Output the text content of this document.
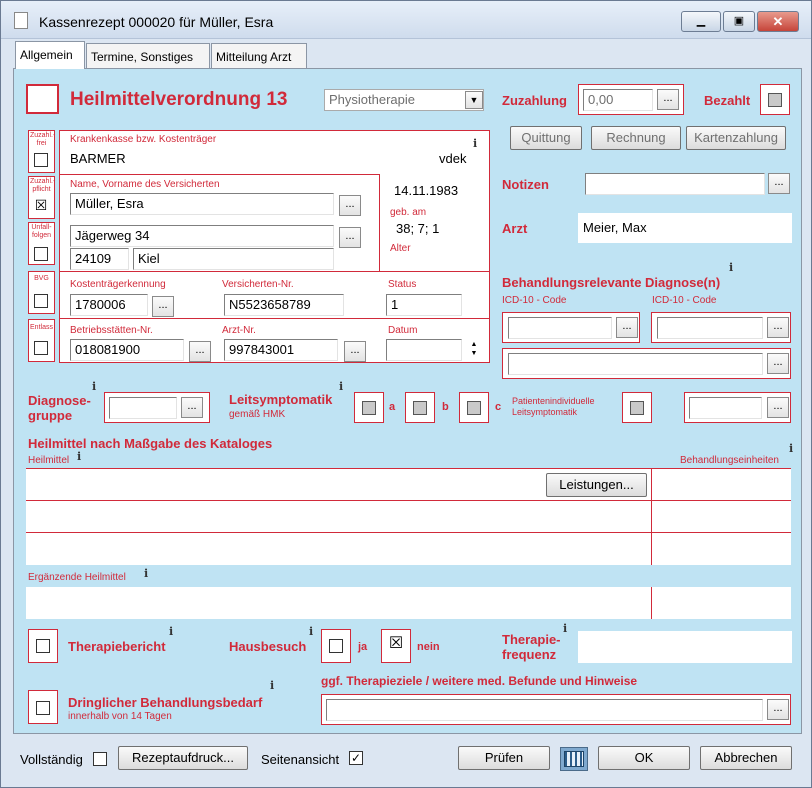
Kassenrezept 000020 für Müller, Esra	▁	▣	✕
Allgemein	Termine, Sonstiges	Mitteilung Arzt
Heilmittelverordnung 13	Physiotherapie	▼	Zuzahlung	0,00	...	Bezahlt
Quittung	Rechnung	Kartenzahlung
Zuzahl.-frei
Zuzahl.-pflicht
☒
Unfall-folgen
BVG
Entlass
Krankenkasse bzw. Kostenträger	i
BARMER	vdek
Name, Vorname des Versicherten
Müller, Esra	...
14.11.1983
geb. am
38; 7; 1
Alter
Jägerweg 34	...
24109	Kiel
Kostenträgerkennung
1780006	...
Versicherten-Nr.
N5523658789
Status
1
Betriebsstätten-Nr.
018081900	...
Arzt-Nr.
997843001	...
Datum
▲
▼
Notizen	...
Arzt	Meier, Max
Behandlungsrelevante Diagnose(n)
i
ICD-10 - Code	ICD-10 - Code
...	...
...
i
Diagnose-gruppe
...
i
Leitsymptomatik
gemäß HMK
a	b	c Patientenindividuelle Leitsymptomatik	...
Heilmittel nach Maßgabe des Kataloges
Heilmittel i
i
Behandlungseinheiten
Leistungen...
Ergänzende Heilmittel i
Therapiebericht
i
Hausbesuch
i
ja ☒ nein	Therapie-frequenz
i
i
Dringlicher Behandlungsbedarf
innerhalb von 14 Tagen
ggf. Therapieziele / weitere med. Befunde und Hinweise
...
Vollständig	Rezeptaufdruck...	Seitenansicht ✓	Prüfen	OK	Abbrechen
